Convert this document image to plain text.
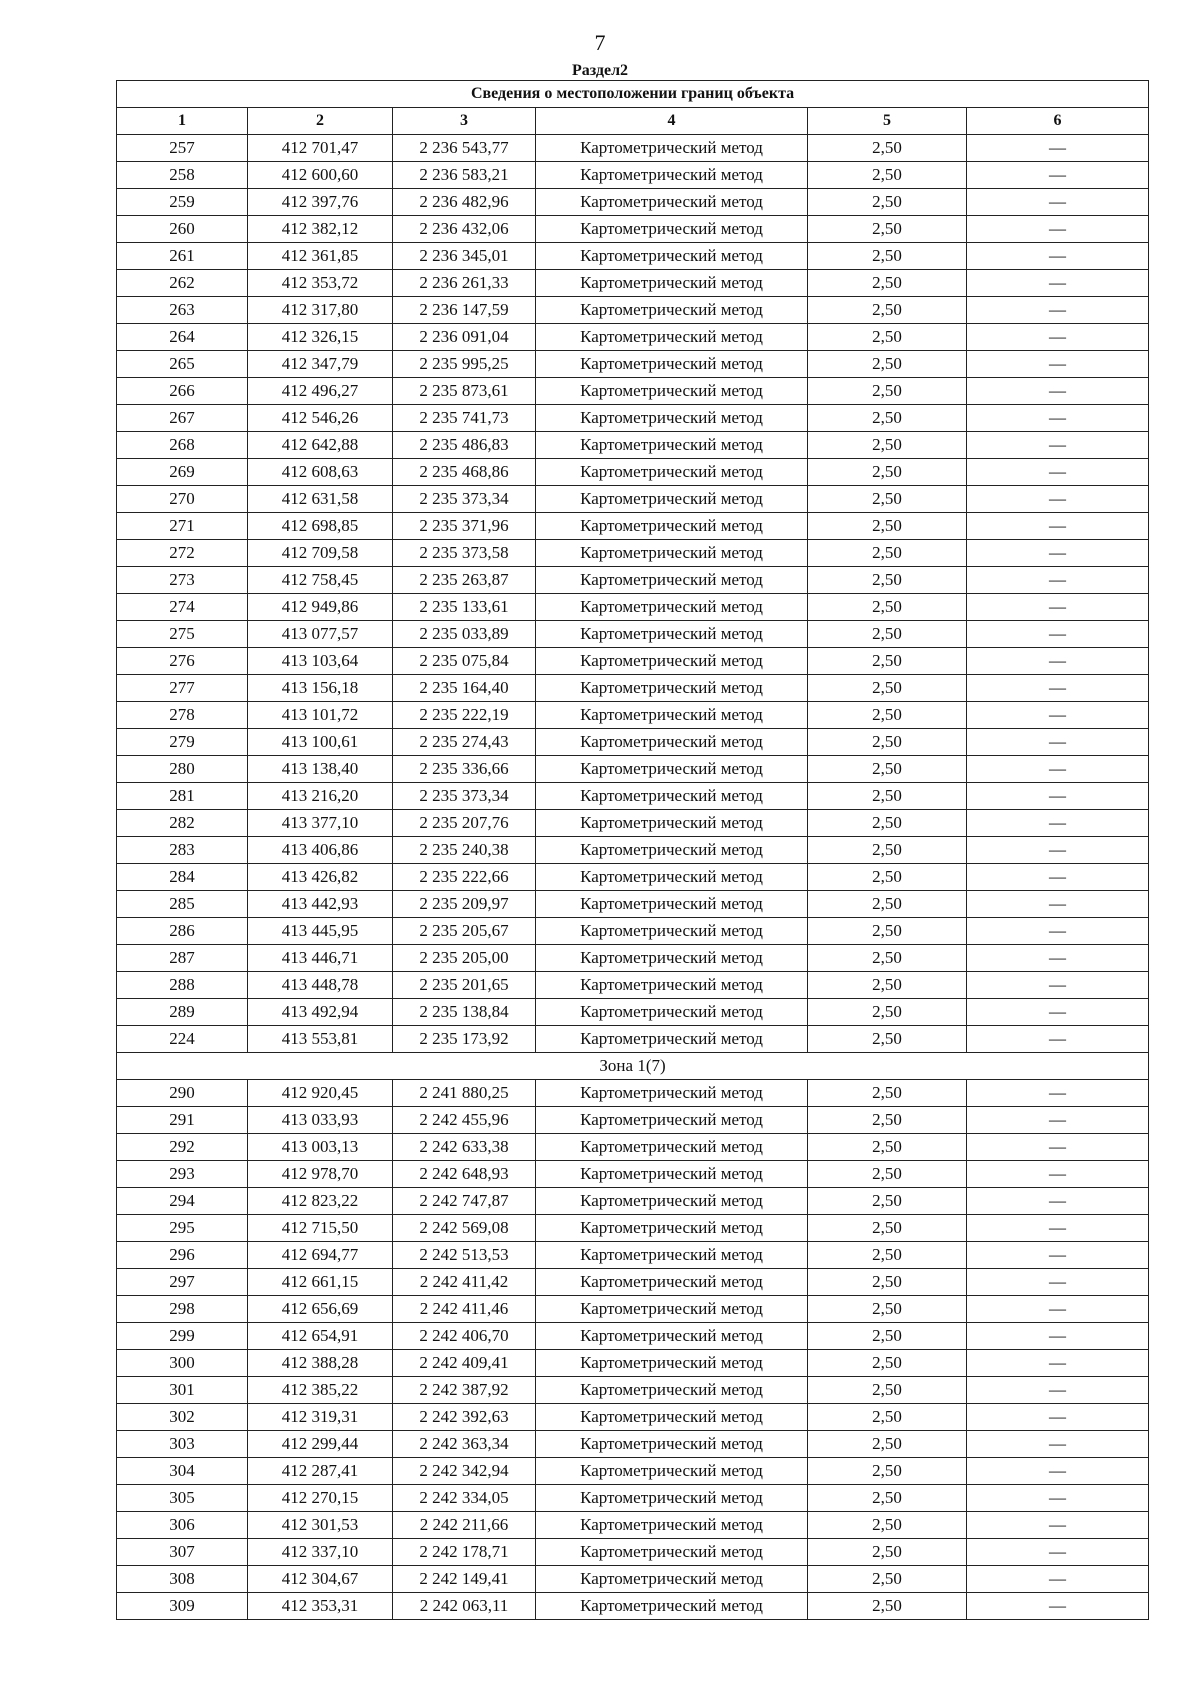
7
Раздел2
Сведения о местоположении границ объекта					
1	2	3	4	5	6
257	412 701,47	2 236 543,77	Картометрический метод	2,50	—
258	412 600,60	2 236 583,21	Картометрический метод	2,50	—
259	412 397,76	2 236 482,96	Картометрический метод	2,50	—
260	412 382,12	2 236 432,06	Картометрический метод	2,50	—
261	412 361,85	2 236 345,01	Картометрический метод	2,50	—
262	412 353,72	2 236 261,33	Картометрический метод	2,50	—
263	412 317,80	2 236 147,59	Картометрический метод	2,50	—
264	412 326,15	2 236 091,04	Картометрический метод	2,50	—
265	412 347,79	2 235 995,25	Картометрический метод	2,50	—
266	412 496,27	2 235 873,61	Картометрический метод	2,50	—
267	412 546,26	2 235 741,73	Картометрический метод	2,50	—
268	412 642,88	2 235 486,83	Картометрический метод	2,50	—
269	412 608,63	2 235 468,86	Картометрический метод	2,50	—
270	412 631,58	2 235 373,34	Картометрический метод	2,50	—
271	412 698,85	2 235 371,96	Картометрический метод	2,50	—
272	412 709,58	2 235 373,58	Картометрический метод	2,50	—
273	412 758,45	2 235 263,87	Картометрический метод	2,50	—
274	412 949,86	2 235 133,61	Картометрический метод	2,50	—
275	413 077,57	2 235 033,89	Картометрический метод	2,50	—
276	413 103,64	2 235 075,84	Картометрический метод	2,50	—
277	413 156,18	2 235 164,40	Картометрический метод	2,50	—
278	413 101,72	2 235 222,19	Картометрический метод	2,50	—
279	413 100,61	2 235 274,43	Картометрический метод	2,50	—
280	413 138,40	2 235 336,66	Картометрический метод	2,50	—
281	413 216,20	2 235 373,34	Картометрический метод	2,50	—
282	413 377,10	2 235 207,76	Картометрический метод	2,50	—
283	413 406,86	2 235 240,38	Картометрический метод	2,50	—
284	413 426,82	2 235 222,66	Картометрический метод	2,50	—
285	413 442,93	2 235 209,97	Картометрический метод	2,50	—
286	413 445,95	2 235 205,67	Картометрический метод	2,50	—
287	413 446,71	2 235 205,00	Картометрический метод	2,50	—
288	413 448,78	2 235 201,65	Картометрический метод	2,50	—
289	413 492,94	2 235 138,84	Картометрический метод	2,50	—
224	413 553,81	2 235 173,92	Картометрический метод	2,50	—
Зона 1(7)					
290	412 920,45	2 241 880,25	Картометрический метод	2,50	—
291	413 033,93	2 242 455,96	Картометрический метод	2,50	—
292	413 003,13	2 242 633,38	Картометрический метод	2,50	—
293	412 978,70	2 242 648,93	Картометрический метод	2,50	—
294	412 823,22	2 242 747,87	Картометрический метод	2,50	—
295	412 715,50	2 242 569,08	Картометрический метод	2,50	—
296	412 694,77	2 242 513,53	Картометрический метод	2,50	—
297	412 661,15	2 242 411,42	Картометрический метод	2,50	—
298	412 656,69	2 242 411,46	Картометрический метод	2,50	—
299	412 654,91	2 242 406,70	Картометрический метод	2,50	—
300	412 388,28	2 242 409,41	Картометрический метод	2,50	—
301	412 385,22	2 242 387,92	Картометрический метод	2,50	—
302	412 319,31	2 242 392,63	Картометрический метод	2,50	—
303	412 299,44	2 242 363,34	Картометрический метод	2,50	—
304	412 287,41	2 242 342,94	Картометрический метод	2,50	—
305	412 270,15	2 242 334,05	Картометрический метод	2,50	—
306	412 301,53	2 242 211,66	Картометрический метод	2,50	—
307	412 337,10	2 242 178,71	Картометрический метод	2,50	—
308	412 304,67	2 242 149,41	Картометрический метод	2,50	—
309	412 353,31	2 242 063,11	Картометрический метод	2,50	—
